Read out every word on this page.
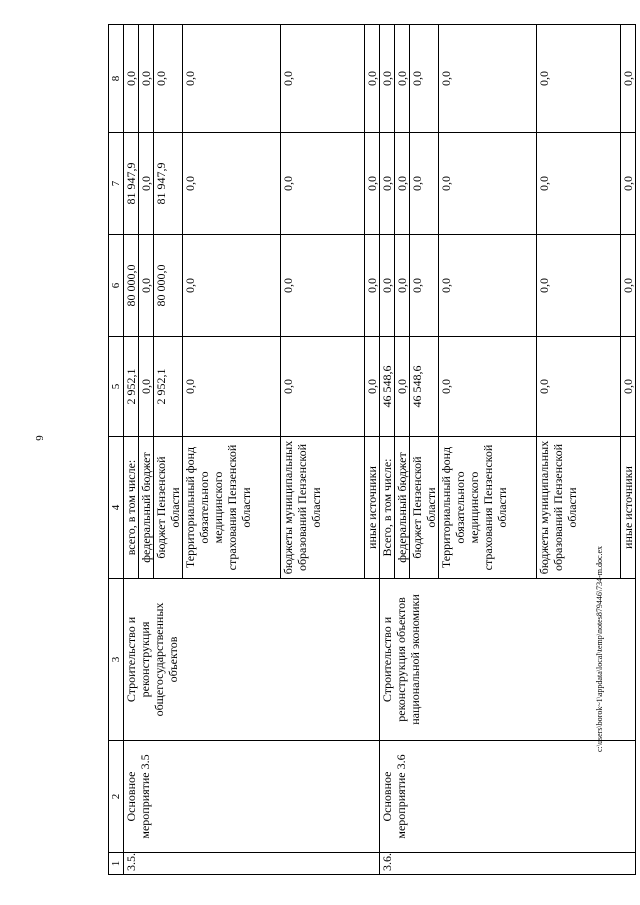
6
1	2	3	4	5	6	7	8
3.5.	Основное мероприятие 3.5	Строительство и реконструкция общегосударственных объектов	всего, в том числе:	2 952,1	80 000,0	81 947,9	0,0
			федеральный бюджет	0,0	0,0	0,0	0,0
			бюджет Пензенской области	2 952,1	80 000,0	81 947,9	0,0
			Территориальный фонд обязательного медицинского страхования Пензенской области	0,0	0,0	0,0	0,0
			бюджеты муниципальных образований Пензенской области	0,0	0,0	0,0	0,0
			иные источники	0,0	0,0	0,0	0,0
3.6.	Основное мероприятие 3.6	Строительство и реконструкция объектов национальной экономики	Всего, в том числе:	46 548,6	0,0	0,0	0,0
			федеральный бюджет	0,0	0,0	0,0	0,0
			бюджет Пензенской области	46 548,6	0,0	0,0	0,0
			Территориальный фонд обязательного медицинского страхования Пензенской области	0,0	0,0	0,0	0,0
			бюджеты муниципальных образований Пензенской области	0,0	0,0	0,0	0,0
			иные источники	0,0	0,0	0,0	0,0
c:\users\borok~1\appdata\local\temp\notes879446\734-m.doc.ex
